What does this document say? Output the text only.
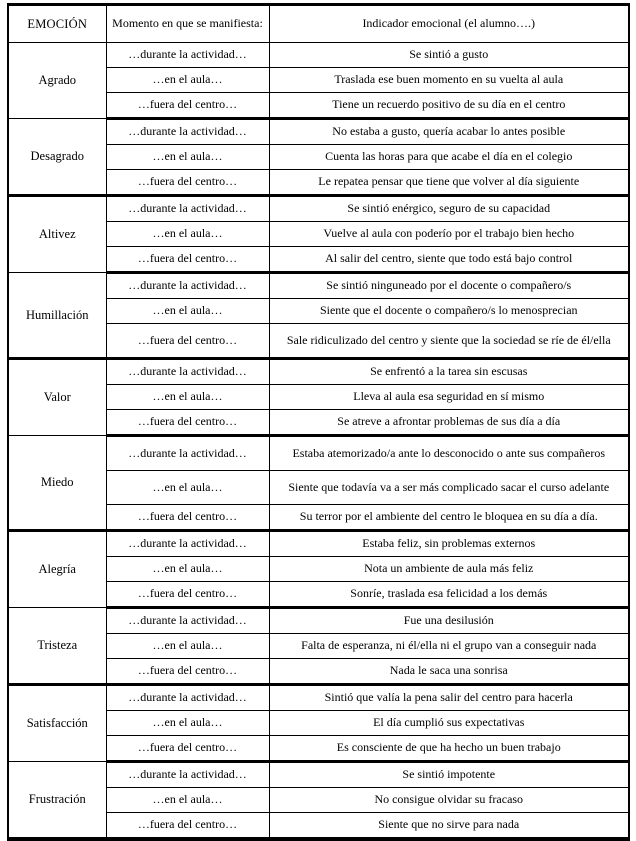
EMOCIÓN	Momento en que se manifiesta:	Indicador emocional (el alumno….)
Agrado	…durante la actividad…	Se sintió a gusto
	…en el aula…	Traslada ese buen momento en su vuelta al aula
	…fuera del centro…	Tiene un recuerdo positivo de su día en el centro
Desagrado	…durante la actividad…	No estaba a gusto, quería acabar lo antes posible
	…en el aula…	Cuenta las horas para que acabe el día en el colegio
	…fuera del centro…	Le repatea pensar que tiene que volver al día siguiente
Altivez	…durante la actividad…	Se sintió enérgico, seguro de su capacidad
	…en el aula…	Vuelve al aula con poderío por el trabajo bien hecho
	…fuera del centro…	Al salir del centro, siente que todo está bajo control
Humillación	…durante la actividad…	Se sintió ninguneado por el docente o compañero/s
	…en el aula…	Siente que el docente o compañero/s lo menosprecian
	…fuera del centro…	Sale ridiculizado del centro y siente que la sociedad se ríe de él/ella
Valor	…durante la actividad…	Se enfrentó a la tarea sin escusas
	…en el aula…	Lleva al aula esa seguridad en sí mismo
	…fuera del centro…	Se atreve a afrontar problemas de sus día a día
Miedo	…durante la actividad…	Estaba atemorizado/a ante lo desconocido o ante sus compañeros
	…en el aula…	Siente que todavía va a ser más complicado sacar el curso adelante
	…fuera del centro…	Su terror por el ambiente del centro le bloquea en su día a día.
Alegría	…durante la actividad…	Estaba feliz, sin problemas externos
	…en el aula…	Nota un ambiente de aula más feliz
	…fuera del centro…	Sonríe, traslada esa felicidad a los demás
Tristeza	…durante la actividad…	Fue una desilusión
	…en el aula…	Falta de esperanza, ni él/ella ni el grupo van a conseguir nada
	…fuera del centro…	Nada le saca una sonrisa
Satisfacción	…durante la actividad…	Sintió que valía la pena salir del centro para hacerla
	…en el aula…	El día cumplió sus expectativas
	…fuera del centro…	Es consciente de que ha hecho un buen trabajo
Frustración	…durante la actividad…	Se sintió impotente
	…en el aula…	No consigue olvidar su fracaso
	…fuera del centro…	Siente que no sirve para nada
